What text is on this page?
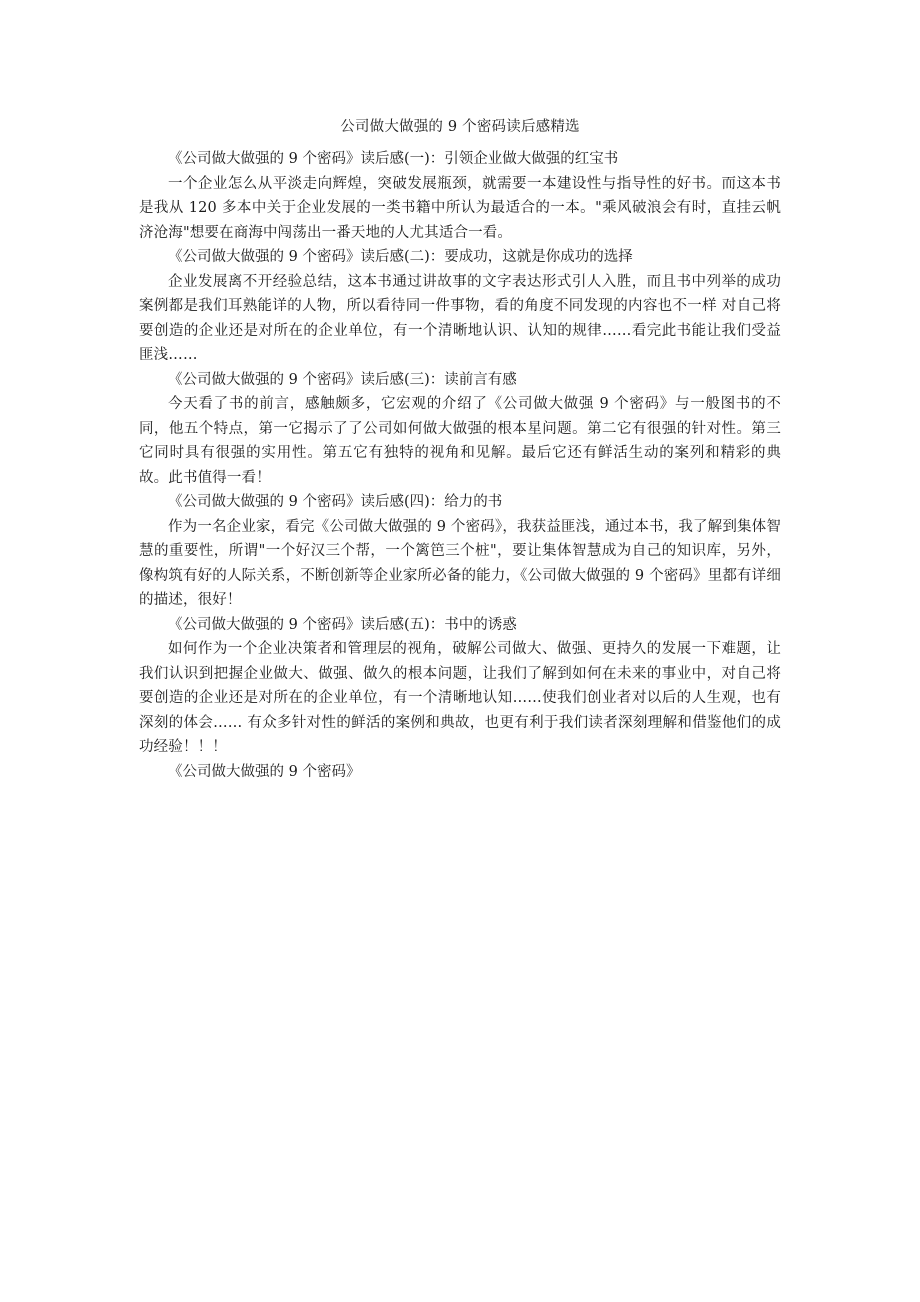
公司做大做强的 9 个密码读后感精选

《公司做大做强的 9 个密码》读后感(一)：引领企业做大做强的红宝书

一个企业怎么从平淡走向辉煌，突破发展瓶颈，就需要一本建设性与指导性的好书。而这本书是我从 120 多本中关于企业发展的一类书籍中所认为最适合的一本。"乘风破浪会有时，直挂云帆济沧海"想要在商海中闯荡出一番天地的人尤其适合一看。

《公司做大做强的 9 个密码》读后感(二)：要成功，这就是你成功的选择

企业发展离不开经验总结，这本书通过讲故事的文字表达形式引人入胜，而且书中列举的成功案例都是我们耳熟能详的人物，所以看待同一件事物，看的角度不同发现的内容也不一样 对自己将要创造的企业还是对所在的企业单位，有一个清晰地认识、认知的规律……看完此书能让我们受益匪浅……

《公司做大做强的 9 个密码》读后感(三)：读前言有感

今天看了书的前言，感触颇多，它宏观的介绍了《公司做大做强 9 个密码》与一般图书的不同，他五个特点，第一它揭示了了公司如何做大做强的根本星问题。第二它有很强的针对性。第三它同时具有很强的实用性。第五它有独特的视角和见解。最后它还有鲜活生动的案列和精彩的典故。此书值得一看！

《公司做大做强的 9 个密码》读后感(四)：给力的书

作为一名企业家，看完《公司做大做强的 9 个密码》，我获益匪浅，通过本书，我了解到集体智慧的重要性，所谓"一个好汉三个帮，一个篱笆三个桩"，要让集体智慧成为自己的知识库，另外，像构筑有好的人际关系，不断创新等企业家所必备的能力，《公司做大做强的 9 个密码》里都有详细的描述，很好！

《公司做大做强的 9 个密码》读后感(五)：书中的诱惑

如何作为一个企业决策者和管理层的视角，破解公司做大、做强、更持久的发展一下难题，让我们认识到把握企业做大、做强、做久的根本问题，让我们了解到如何在未来的事业中，对自己将要创造的企业还是对所在的企业单位，有一个清晰地认知……使我们创业者对以后的人生观，也有深刻的体会…… 有众多针对性的鲜活的案例和典故，也更有利于我们读者深刻理解和借鉴他们的成功经验！！！

《公司做大做强的 9 个密码》
